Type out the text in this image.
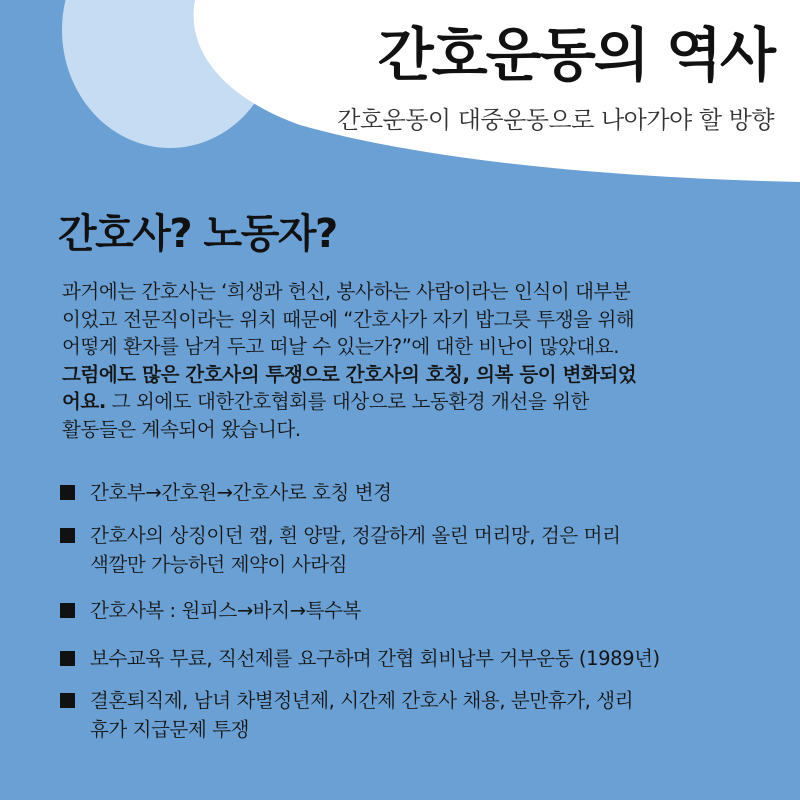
간호운동의 역사
간호운동이 대중운동으로 나아가야 할 방향
간호사? 노동자?
과거에는 간호사는 ‘희생과 헌신, 봉사하는 사람이라는 인식이 대부분
이었고 전문직이라는 위치 때문에 “간호사가 자기 밥그릇 투쟁을 위해
어떻게 환자를 남겨 두고 떠날 수 있는가?”에 대한 비난이 많았대요.
그럼에도 많은 간호사의 투쟁으로 간호사의 호칭, 의복 등이 변화되었
어요. 그 외에도 대한간호협회를 대상으로 노동환경 개선을 위한
활동들은 계속되어 왔습니다.
간호부→간호원→간호사로 호칭 변경
간호사의 상징이던 캡, 흰 양말, 정갈하게 올린 머리망, 검은 머리
색깔만 가능하던 제약이 사라짐
간호사복 : 원피스→바지→특수복
보수교육 무료, 직선제를 요구하며 간협 회비납부 거부운동 (1989년)
결혼퇴직제, 남녀 차별정년제, 시간제 간호사 채용, 분만휴가, 생리
휴가 지급문제 투쟁
